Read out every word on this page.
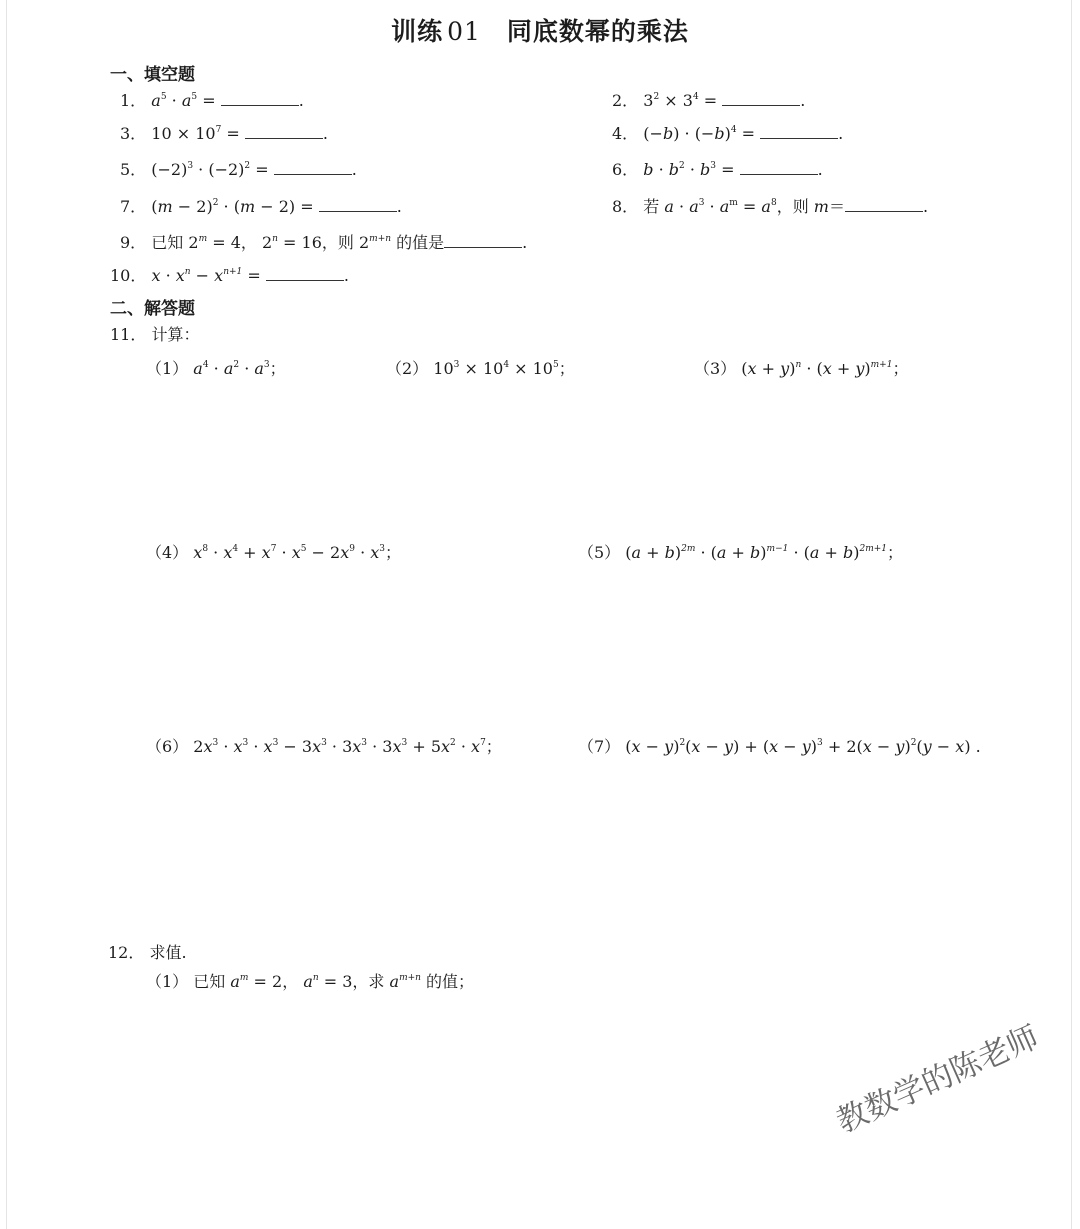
训练 01 同底数幂的乘法
一、填空题
1． $a^5 \cdot a^5$ =	.	2． $3^2 \times 3^4$ =	.
3． $10 \times 10^7$ =	.	4． $(-b) \cdot (-b)^4$ =	.
5． $(-2)^3 \cdot (-2)^2$ =	.	6． $b \cdot b^2 \cdot b^3$ =	.
7． $(m - 2)^2 \cdot (m - 2)$ =	.	8． 若 $a \cdot a^3 \cdot a^m = a^8$，则 m＝	.
9． 已知 $2^m = 4$， $2^n = 16$，则 $2^{m+n}$ 的值是	.
10． $x \cdot x^n - x^{n+1}$ =	.
二、解答题
11． 计算：
（1） $a^4 \cdot a^2 \cdot a^3$；	（2） $10^3 \times 10^4 \times 10^5$；	（3） $(x + y)^n \cdot (x + y)^{m+1}$；
（4） $x^8 \cdot x^4 + x^7 \cdot x^5 - 2x^9 \cdot x^3$；	（5） $(a + b)^{2m} \cdot (a + b)^{m-1} \cdot (a + b)^{2m+1}$；
（6） $2x^3 \cdot x^3 \cdot x^3 - 3x^3 \cdot 3x^3 \cdot 3x^3 + 5x^2 \cdot x^7$；	（7） $(x - y)^2(x - y) + (x - y)^3 + 2(x - y)^2(y - x)$ .
12． 求值.
（1） 已知 $a^m = 2$， $a^n = 3$，求 $a^{m+n}$ 的值；
教数学的陈老师
